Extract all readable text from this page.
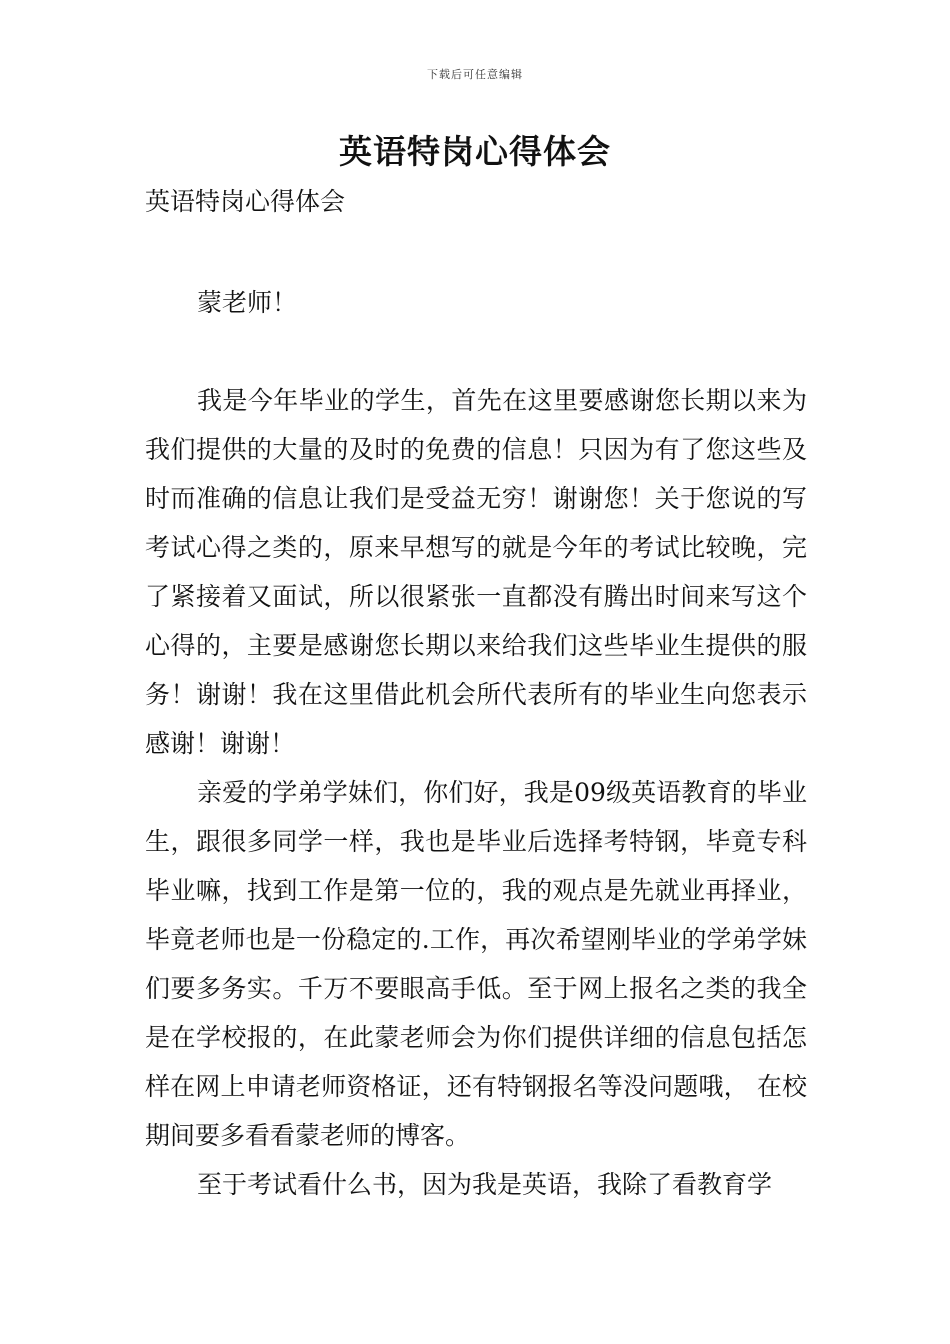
下载后可任意编辑
英语特岗心得体会
英语特岗心得体会

蒙老师！

我是今年毕业的学生，首先在这里要感谢您长期以来为我们提供的大量的及时的免费的信息！只因为有了您这些及时而准确的信息让我们是受益无穷！谢谢您！关于您说的写考试心得之类的，原来早想写的就是今年的考试比较晚，完了紧接着又面试，所以很紧张一直都没有腾出时间来写这个心得的，主要是感谢您长期以来给我们这些毕业生提供的服务！谢谢！我在这里借此机会所代表所有的毕业生向您表示感谢！谢谢！

亲爱的学弟学妹们，你们好，我是09级英语教育的毕业生，跟很多同学一样，我也是毕业后选择考特钢，毕竟专科毕业嘛，找到工作是第一位的，我的观点是先就业再择业，毕竟老师也是一份稳定的.工作，再次希望刚毕业的学弟学妹们要多务实。千万不要眼高手低。至于网上报名之类的我全是在学校报的，在此蒙老师会为你们提供详细的信息包括怎样在网上申请老师资格证，还有特钢报名等没问题哦， 在校期间要多看看蒙老师的博客。

至于考试看什么书，因为我是英语，我除了看教育学
